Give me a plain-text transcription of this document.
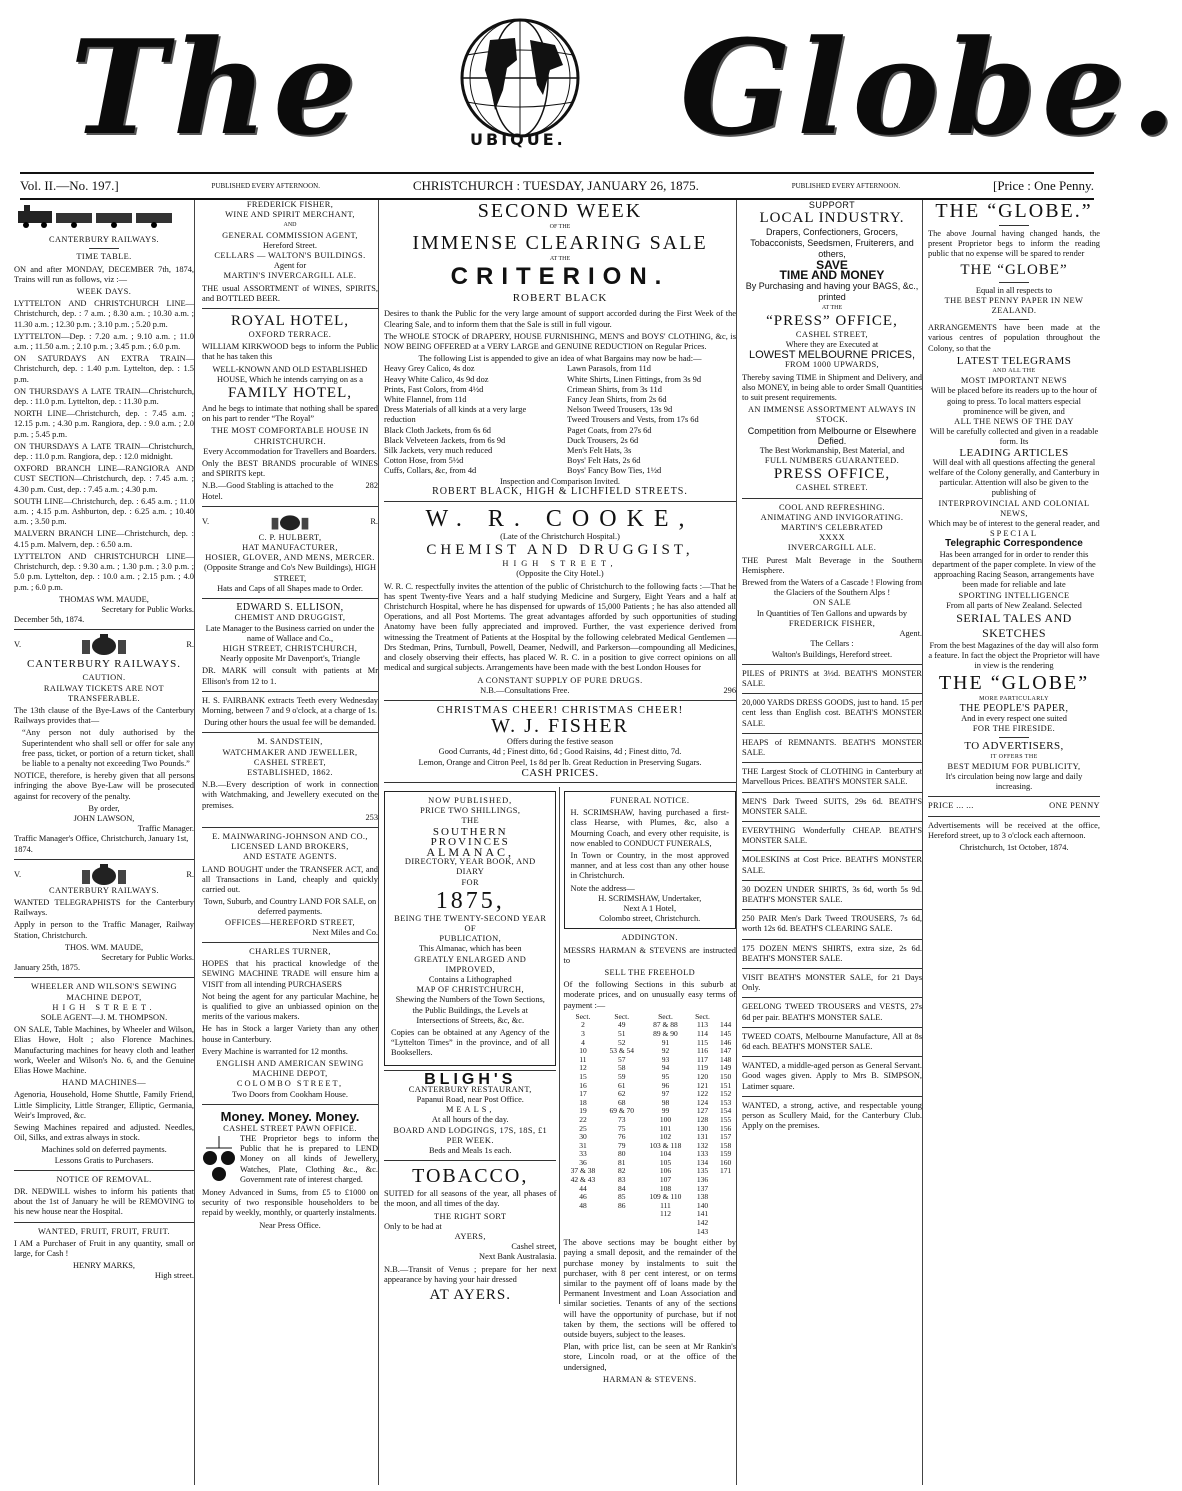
The	UBIQUE. Globe.
Vol. II.—No. 197.]	PUBLISHED EVERY AFTERNOON.	CHRISTCHURCH : TUESDAY, JANUARY 26, 1875.	PUBLISHED EVERY AFTERNOON.	[Price : One Penny.
CANTERBURY RAILWAYS.
TIME TABLE.
ON and after MONDAY, DECEMBER 7th, 1874, Trains will run as follows, viz :—
WEEK DAYS.
LYTTELTON AND CHRISTCHURCH LINE—Christchurch, dep. : 7 a.m. ; 8.30 a.m. ; 10.30 a.m. ; 11.30 a.m. ; 12.30 p.m. ; 3.10 p.m. ; 5.20 p.m.
LYTTELTON—Dep. : 7.20 a.m. ; 9.10 a.m. ; 11.0 a.m. ; 11.50 a.m. ; 2.10 p.m. ; 3.45 p.m. ; 6.0 p.m.
ON SATURDAYS AN EXTRA TRAIN—Christchurch, dep. : 1.40 p.m. Lyttelton, dep. : 1.5 p.m.
ON THURSDAYS A LATE TRAIN—Christchurch, dep. : 11.0 p.m. Lyttelton, dep. : 11.30 p.m.
NORTH LINE—Christchurch, dep. : 7.45 a.m. ; 12.15 p.m. ; 4.30 p.m. Rangiora, dep. : 9.0 a.m. ; 2.0 p.m. ; 5.45 p.m.
ON THURSDAYS A LATE TRAIN—Christchurch, dep. : 11.0 p.m. Rangiora, dep. : 12.0 midnight.
OXFORD BRANCH LINE—RANGIORA AND CUST SECTION—Christchurch, dep. : 7.45 a.m. ; 4.30 p.m. Cust, dep. : 7.45 a.m. ; 4.30 p.m.
SOUTH LINE—Christchurch, dep. : 6.45 a.m. ; 11.0 a.m. ; 4.15 p.m. Ashburton, dep. : 6.25 a.m. ; 10.40 a.m. ; 3.50 p.m.
MALVERN BRANCH LINE—Christchurch, dep. : 4.15 p.m. Malvern, dep. : 6.50 a.m.
LYTTELTON AND CHRISTCHURCH LINE—Christchurch, dep. : 9.30 a.m. ; 1.30 p.m. ; 3.0 p.m. ; 5.0 p.m. Lyttelton, dep. : 10.0 a.m. ; 2.15 p.m. ; 4.0 p.m. ; 6.0 p.m.
THOMAS WM. MAUDE,
Secretary for Public Works.
December 5th, 1874.
V.	R.
CANTERBURY RAILWAYS.
CAUTION.
RAILWAY TICKETS ARE NOT TRANSFERABLE.
The 13th clause of the Bye-Laws of the Canterbury Railways provides that—
“Any person not duly authorised by the Superintendent who shall sell or offer for sale any free pass, ticket, or portion of a return ticket, shall be liable to a penalty not exceeding Two Pounds.”
NOTICE, therefore, is hereby given that all persons infringing the above Bye-Law will be prosecuted against for recovery of the penalty.
By order,
JOHN LAWSON,
Traffic Manager.
Traffic Manager's Office, Christchurch, January 1st, 1874.
V.	R.
CANTERBURY RAILWAYS.
WANTED TELEGRAPHISTS for the Canterbury Railways.
Apply in person to the Traffic Manager, Railway Station, Christchurch.
THOS. WM. MAUDE,
Secretary for Public Works.
January 25th, 1875.
WHEELER AND WILSON'S SEWING MACHINE DEPOT,
HIGH STREET.
SOLE AGENT—J. M. THOMPSON.
ON SALE, Table Machines, by Wheeler and Wilson, Elias Howe, Holt ; also Florence Machines. Manufacturing machines for heavy cloth and leather work, Weeler and Wilson's No. 6, and the Genuine Elias Howe Machine.
HAND MACHINES—
Agenoria, Household, Home Shuttle, Family Friend, Little Simplicity, Little Stranger, Elliptic, Germania, Weir's Improved, &c.
Sewing Machines repaired and adjusted. Needles, Oil, Silks, and extras always in stock.
Machines sold on deferred payments.
Lessons Gratis to Purchasers.
NOTICE OF REMOVAL.
DR. NEDWILL wishes to inform his patients that about the 1st of January he will be REMOVING to his new house near the Hospital.
WANTED, FRUIT, FRUIT, FRUIT.
I AM a Purchaser of Fruit in any quantity, small or large, for Cash !
HENRY MARKS,
High street.
FREDERICK FISHER,
WINE AND SPIRIT MERCHANT,
AND
GENERAL COMMISSION AGENT,
Hereford Street.
CELLARS — WALTON'S BUILDINGS.
Agent for
MARTIN'S INVERCARGILL ALE.
THE usual ASSORTMENT of WINES, SPIRITS, and BOTTLED BEER.
ROYAL HOTEL,
OXFORD TERRACE.
WILLIAM KIRKWOOD begs to inform the Public that he has taken this
WELL-KNOWN AND OLD ESTABLISHED HOUSE, Which he intends carrying on as a
FAMILY HOTEL,
And he begs to intimate that nothing shall be spared on his part to render “The Royal”
THE MOST COMFORTABLE HOUSE IN CHRISTCHURCH.
Every Accommodation for Travellers and Boarders.
Only the BEST BRANDS procurable of WINES and SPIRITS kept.
N.B.—Good Stabling is attached to the Hotel.
282
V.	R.
C. P. HULBERT,
HAT MANUFACTURER,
HOSIER, GLOVER, AND MENS, MERCER.
(Opposite Strange and Co's New Buildings), HIGH STREET,
Hats and Caps of all Shapes made to Order.
EDWARD S. ELLISON,
CHEMIST AND DRUGGIST,
Late Manager to the Business carried on under the name of Wallace and Co.,
HIGH STREET, CHRISTCHURCH,
Nearly opposite Mr Davenport's, Triangle
DR. MARK will consult with patients at Mr Ellison's from 12 to 1.
H. S. FAIRBANK extracts Teeth every Wednesday Morning, between 7 and 9 o'clock, at a charge of 1s.
During other hours the usual fee will be demanded.
M. SANDSTEIN,
WATCHMAKER AND JEWELLER,
CASHEL STREET,
ESTABLISHED, 1862.
N.B.—Every description of work in connection with Watchmaking, and Jewellery executed on the premises.
253
E. MAINWARING-JOHNSON AND CO., LICENSED LAND BROKERS,
AND ESTATE AGENTS.
LAND BOUGHT under the TRANSFER ACT, and all Transactions in Land, cheaply and quickly carried out.
Town, Suburb, and Country LAND FOR SALE, on deferred payments.
OFFICES—HEREFORD STREET,
Next Miles and Co.
CHARLES TURNER,
HOPES that his practical knowledge of the SEWING MACHINE TRADE will ensure him a VISIT from all intending PURCHASERS
Not being the agent for any particular Machine, he is qualified to give an unbiassed opinion on the merits of the various makers.
He has in Stock a larger Variety than any other house in Canterbury.
Every Machine is warranted for 12 months.
ENGLISH AND AMERICAN SEWING MACHINE DEPOT,
COLOMBO STREET,
Two Doors from Cookham House.
Money. Money. Money.
CASHEL STREET PAWN OFFICE.
THE Proprietor begs to inform the Public that he is prepared to LEND Money on all kinds of Jewellery, Watches, Plate, Clothing &c., &c. Government rate of interest charged.
Money Advanced in Sums, from £5 to £1000 on security of two responsible householders to be repaid by weekly, monthly, or quarterly instalments.
Near Press Office.
SECOND WEEK
OF THE
IMMENSE CLEARING SALE
AT THE
CRITERION.
ROBERT BLACK
Desires to thank the Public for the very large amount of support accorded during the First Week of the Clearing Sale, and to inform them that the Sale is still in full vigour.
The WHOLE STOCK of DRAPERY, HOUSE FURNISHING, MEN'S and BOYS' CLOTHING, &c, is NOW BEING OFFERED at a VERY LARGE and GENUINE REDUCTION on Regular Prices.
The following List is appended to give an idea of what Bargains may now be had:—
Heavy Grey Calico, 4s doz
Heavy White Calico, 4s 9d doz
Prints, Fast Colors, from 4½d
White Flannel, from 11d
Dress Materials of all kinds at a very large reduction
Black Cloth Jackets, from 6s 6d
Black Velveteen Jackets, from 6s 9d
Silk Jackets, very much reduced
Cotton Hose, from 5½d
Cuffs, Collars, &c, from 4d
Lawn Parasols, from 11d
White Shirts, Linen Fittings, from 3s 9d
Crimean Shirts, from 3s 11d
Fancy Jean Shirts, from 2s 6d
Nelson Tweed Trousers, 13s 9d
Tweed Trousers and Vests, from 17s 6d
Paget Coats, from 27s 6d
Duck Trousers, 2s 6d
Men's Felt Hats, 3s
Boys' Felt Hats, 2s 6d
Boys' Fancy Bow Ties, 1½d
Inspection and Comparison Invited.
ROBERT BLACK, HIGH & LICHFIELD STREETS.
W. R. COOKE,
(Late of the Christchurch Hospital.)
CHEMIST AND DRUGGIST,
HIGH STREET,
(Opposite the City Hotel.)
W. R. C. respectfully invites the attention of the public of Christchurch to the following facts :—That he has spent Twenty-five Years and a half studying Medicine and Surgery, Eight Years and a half at Christchurch Hospital, where he has dispensed for upwards of 15,000 Patients ; he has also attended all Operations, and all Post Mortems. The great advantages afforded by such opportunities of studing Anatomy have been fully appreciated and improved. Further, the vast experience derived from witnessing the Treatment of Patients at the Hospital by the following celebrated Medical Gentlemen —Drs Stedman, Prins, Turnbull, Powell, Deamer, Nedwill, and Parkerson—compounding all Medicines, and closely observing their effects, has placed W. R. C. in a position to give correct opinions on all medical and surgical subjects. Arrangements have been made with the best London Houses for
A CONSTANT SUPPLY OF PURE DRUGS.
N.B.—Consultations Free.	296
CHRISTMAS CHEER! CHRISTMAS CHEER!
W. J. FISHER
Offers during the festive season
Good Currants, 4d ; Finest ditto, 6d ; Good Raisins, 4d ; Finest ditto, 7d.
Lemon, Orange and Citron Peel, 1s 8d per lb. Great Reduction in Preserving Sugars.
CASH PRICES.
NOW PUBLISHED,
PRICE TWO SHILLINGS,
THE
SOUTHERN PROVINCES
ALMANAC,
DIRECTORY, YEAR BOOK, AND DIARY
FOR
1875,
BEING THE TWENTY-SECOND YEAR
OF
PUBLICATION,
This Almanac, which has been
GREATLY ENLARGED AND IMPROVED,
Contains a Lithographed
MAP OF CHRISTCHURCH,
Shewing the Numbers of the Town Sections, the Public Buildings, the Levels at Intersections of Streets, &c, &c.
Copies can be obtained at any Agency of the “Lyttelton Times” in the province, and of all Booksellers.
BLIGH'S
CANTERBURY RESTAURANT,
Papanui Road, near Post Office.
MEALS,
At all hours of the day.
BOARD AND LODGINGS, 17S, 18S, £1 PER WEEK.
Beds and Meals 1s each.
TOBACCO,
SUITED for all seasons of the year, all phases of the moon, and all times of the day.
THE RIGHT SORT
Only to be had at
AYERS,
Cashel street,
Next Bank Australasia.
N.B.—Transit of Venus ; prepare for her next appearance by having your hair dressed
AT AYERS.
FUNERAL NOTICE.
H. SCRIMSHAW, having purchased a first-class Hearse, with Plumes, &c, also a Mourning Coach, and every other requisite, is now enabled to CONDUCT FUNERALS,
In Town or Country, in the most approved manner, and at less cost than any other house in Christchurch.
Note the address—
H. SCRIMSHAW, Undertaker,
Next A 1 Hotel,
Colombo street, Christchurch.
ADDINGTON.
MESSRS HARMAN & STEVENS are instructed to
SELL THE FREEHOLD
Of the following Sections in this suburb at moderate prices, and on unusually easy terms of payment :—
Sect.	Sect.	Sect.	Sect.	
2	49	87 & 88	113	144
3	51	89 & 90	114	145
4	52	91	115	146
10	53 & 54	92	116	147
11	57	93	117	148
12	58	94	119	149
15	59	95	120	150
16	61	96	121	151
17	62	97	122	152
18	68	98	124	153
19	69 & 70	99	127	154
22	73	100	128	155
25	75	101	130	156
30	76	102	131	157
31	79	103 & 118	132	158
33	80	104	133	159
36	81	105	134	160
37 & 38	82	106	135	171
42 & 43	83	107	136	
44	84	108	137	
46	85	109 & 110	138	
48	86	111	140	
		112	141	
			142	
			143	
The above sections may be bought either by paying a small deposit, and the remainder of the purchase money by instalments to suit the purchaser, with 8 per cent interest, or on terms similar to the payment off of loans made by the Permanent Investment and Loan Association and similar societies. Tenants of any of the sections will have the opportunity of purchase, but if not taken by them, the sections will be offered to outside buyers, subject to the leases.
Plan, with price list, can be seen at Mr Rankin's store, Lincoln road, or at the office of the undersigned,
HARMAN & STEVENS.
SUPPORT
LOCAL INDUSTRY.
Drapers, Confectioners, Grocers, Tobacconists, Seedsmen, Fruiterers, and others,
SAVE
TIME AND MONEY
By Purchasing and having your BAGS, &c., printed
AT THE
“PRESS” OFFICE,
CASHEL STREET,
Where they are Executed at
LOWEST MELBOURNE PRICES,
FROM 1000 UPWARDS,
Thereby saving TIME in Shipment and Delivery, and also MONEY, in being able to order Small Quantities to suit present requirements.
AN IMMENSE ASSORTMENT ALWAYS IN STOCK.
Competition from Melbourne or Elsewhere Defied.
The Best Workmanship, Best Material, and
FULL NUMBERS GUARANTEED.
PRESS OFFICE,
CASHEL STREET.
COOL AND REFRESHING.
ANIMATING AND INVIGORATING.
MARTIN'S CELEBRATED
XXXX
INVERCARGILL ALE.
THE Purest Malt Beverage in the Southern Hemisphere.
Brewed from the Waters of a Cascade ! Flowing from the Glaciers of the Southern Alps !
ON SALE
In Quantities of Ten Gallons and upwards by
FREDERICK FISHER,
Agent.
The Cellars :
Walton's Buildings, Hereford street.
PILES of PRINTS at 3½d. BEATH'S MONSTER SALE.
20,000 YARDS DRESS GOODS, just to hand. 15 per cent less than English cost. BEATH'S MONSTER SALE.
HEAPS of REMNANTS. BEATH'S MONSTER SALE.
THE Largest Stock of CLOTHING in Canterbury at Marvellous Prices. BEATH'S MONSTER SALE.
MEN'S Dark Tweed SUITS, 29s 6d. BEATH'S MONSTER SALE.
EVERYTHING Wonderfully CHEAP. BEATH'S MONSTER SALE.
MOLESKINS at Cost Price. BEATH'S MONSTER SALE.
30 DOZEN UNDER SHIRTS, 3s 6d, worth 5s 9d. BEATH'S MONSTER SALE.
250 PAIR Men's Dark Tweed TROUSERS, 7s 6d, worth 12s 6d. BEATH'S CLEARING SALE.
175 DOZEN MEN'S SHIRTS, extra size, 2s 6d. BEATH'S MONSTER SALE.
VISIT BEATH'S MONSTER SALE, for 21 Days Only.
GEELONG TWEED TROUSERS and VESTS, 27s 6d per pair. BEATH'S MONSTER SALE.
TWEED COATS, Melbourne Manufacture, All at 8s 6d each. BEATH'S MONSTER SALE.
WANTED, a middle-aged person as General Servant. Good wages given. Apply to Mrs B. SIMPSON, Latimer square.
WANTED, a strong, active, and respectable young person as Scullery Maid, for the Canterbury Club. Apply on the premises.
THE “GLOBE.”
The above Journal having changed hands, the present Proprietor begs to inform the reading public that no expense will be spared to render
THE “GLOBE”
Equal in all respects to
THE BEST PENNY PAPER IN NEW ZEALAND.
ARRANGEMENTS have been made at the various centres of population throughout the Colony, so that the
LATEST TELEGRAMS
AND ALL THE
MOST IMPORTANT NEWS
Will be placed before its readers up to the hour of going to press. To local matters especial prominence will be given, and
ALL THE NEWS OF THE DAY
Will be carefully collected and given in a readable form. Its
LEADING ARTICLES
Will deal with all questions affecting the general welfare of the Colony generally, and Canterbury in particular. Attention will also be given to the publishing of
INTERPROVINCIAL AND COLONIAL NEWS,
Which may be of interest to the general reader, and
SPECIAL
Telegraphic Correspondence
Has been arranged for in order to render this department of the paper complete. In view of the approaching Racing Season, arrangements have been made for reliable and late
SPORTING INTELLIGENCE
From all parts of New Zealand. Selected
SERIAL TALES AND SKETCHES
From the best Magazines of the day will also form a feature. In fact the object the Proprietor will have in view is the rendering
THE “GLOBE”
MORE PARTICULARLY
THE PEOPLE'S PAPER,
And in every respect one suited
FOR THE FIRESIDE.
TO ADVERTISERS,
IT OFFERS THE
BEST MEDIUM FOR PUBLICITY,
It's circulation being now large and daily increasing.
PRICE ... ...	ONE PENNY
Advertisements will be received at the office, Hereford street, up to 3 o'clock each afternoon.
Christchurch, 1st October, 1874.
